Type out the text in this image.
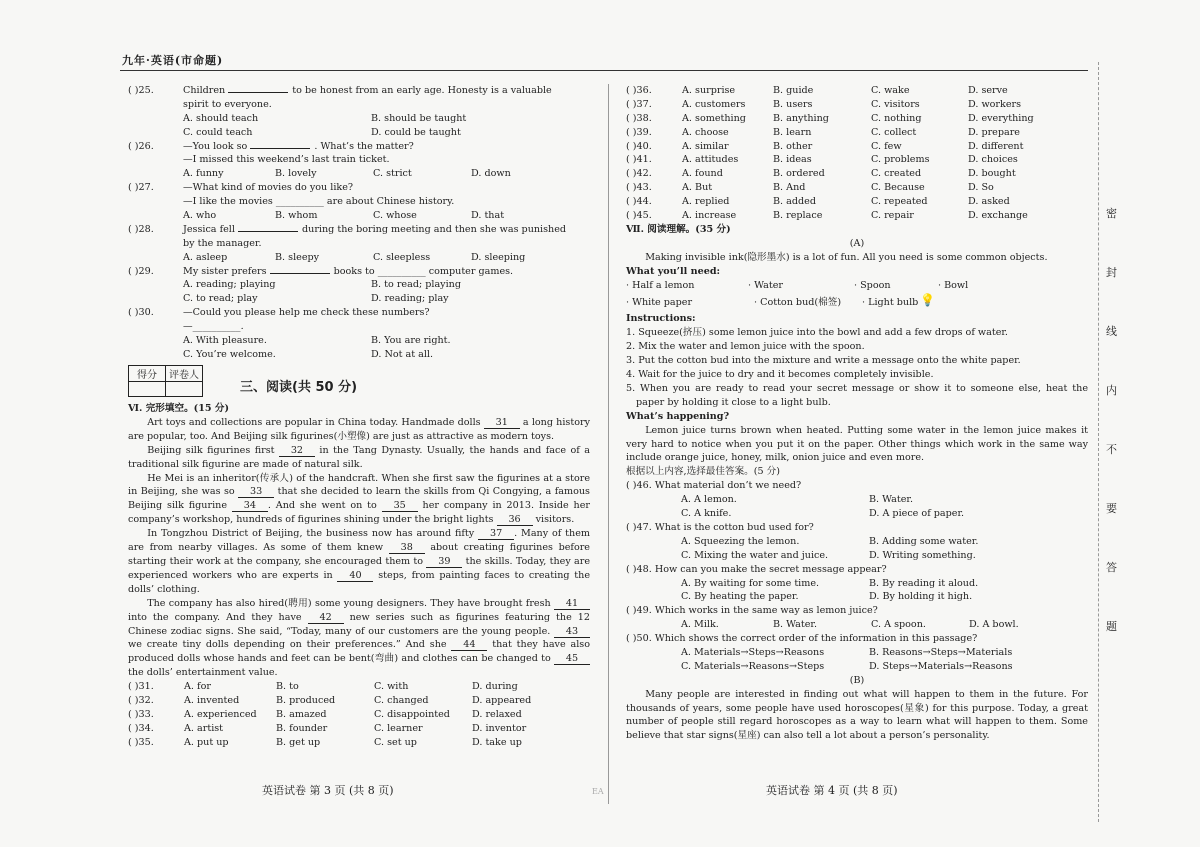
九年·英语(市命题)
密
封
线
内
不
要
答
题
( )25.	Children	to be honest from an early age. Honesty is a valuable
spirit to everyone.
A. should teach	B. should be taught
C. could teach	D. could be taught
( )26.	—You look so	. What’s the matter?
—I missed this weekend’s last train ticket.
A. funny	B. lovely	C. strict	D. down
( )27.	—What kind of movies do you like?
—I like the movies __________ are about Chinese history.
A. who	B. whom	C. whose	D. that
( )28.	Jessica fell	during the boring meeting and then she was punished
by the manager.
A. asleep	B. sleepy	C. sleepless	D. sleeping
( )29.	My sister prefers	books to __________ computer games.
A. reading; playing	B. to read; playing
C. to read; play	D. reading; play
( )30.	—Could you please help me check these numbers?
—__________.
A. With pleasure.	B. You are right.
C. You’re welcome.	D. Not at all.
得分	评卷人

三、阅读(共 50 分)
Ⅵ. 完形填空。(15 分)
Art toys and collections are popular in China today. Handmade dolls 31 a long history are popular, too. And Beijing silk figurines(小塑像) are just as attractive as modern toys.
Beijing silk figurines first 32 in the Tang Dynasty. Usually, the hands and face of a traditional silk figurine are made of natural silk.
He Mei is an inheritor(传承人) of the handcraft. When she first saw the figurines at a store in Beijing, she was so 33 that she decided to learn the skills from Qi Congying, a famous Beijing silk figurine 34 . And she went on to 35 her company in 2013. Inside her company’s workshop, hundreds of figurines shining under the bright lights 36 visitors.
In Tongzhou District of Beijing, the business now has around fifty 37 . Many of them are from nearby villages. As some of them knew 38 about creating figurines before starting their work at the company, she encouraged them to 39 the skills. Today, they are experienced workers who are experts in 40 steps, from painting faces to creating the dolls’ clothing.
The company has also hired(聘用) some young designers. They have brought fresh 41 into the company. And they have 42 new series such as figurines featuring the 12 Chinese zodiac signs. She said, “Today, many of our customers are the young people. 43 we create tiny dolls depending on their preferences.” And she 44 that they have also produced dolls whose hands and feet can be bent(弯曲) and clothes can be changed to 45 the dolls’ entertainment value.
( )31.	A. for	B. to	C. with	D. during
( )32.	A. invented	B. produced	C. changed	D. appeared
( )33.	A. experienced B. amazed	C. disappointed D. relaxed
( )34.	A. artist	B. founder	C. learner	D. inventor
( )35.	A. put up	B. get up	C. set up	D. take up
( )36.	A. surprise	B. guide	C. wake	D. serve
( )37.	A. customers	B. users	C. visitors	D. workers
( )38.	A. something	B. anything	C. nothing	D. everything
( )39.	A. choose	B. learn	C. collect	D. prepare
( )40.	A. similar	B. other	C. few	D. different
( )41.	A. attitudes	B. ideas	C. problems	D. choices
( )42.	A. found	B. ordered	C. created	D. bought
( )43.	A. But	B. And	C. Because	D. So
( )44.	A. replied	B. added	C. repeated	D. asked
( )45.	A. increase	B. replace	C. repair	D. exchange
Ⅶ. 阅读理解。(35 分)
(A)
Making invisible ink(隐形墨水) is a lot of fun. All you need is some common objects.
What you’ll need:
· Half a lemon	· Water	· Spoon	· Bowl
· White paper	· Cotton bud(棉签) · Light bulb 💡
Instructions:
1. Squeeze(挤压) some lemon juice into the bowl and add a few drops of water.
2. Mix the water and lemon juice with the spoon.
3. Put the cotton bud into the mixture and write a message onto the white paper.
4. Wait for the juice to dry and it becomes completely invisible.
5. When you are ready to read your secret message or show it to someone else, heat the
paper by holding it close to a light bulb.
What’s happening?
Lemon juice turns brown when heated. Putting some water in the lemon juice makes it very hard to notice when you put it on the paper. Other things which work in the same way include orange juice, honey, milk, onion juice and even more.
根据以上内容,选择最佳答案。(5 分)
( )46. What material don’t we need?
A. A lemon.	B. Water.
C. A knife.	D. A piece of paper.
( )47. What is the cotton bud used for?
A. Squeezing the lemon.	B. Adding some water.
C. Mixing the water and juice.	D. Writing something.
( )48. How can you make the secret message appear?
A. By waiting for some time.	B. By reading it aloud.
C. By heating the paper.	D. By holding it high.
( )49. Which works in the same way as lemon juice?
A. Milk.	B. Water.	C. A spoon.	D. A bowl.
( )50. Which shows the correct order of the information in this passage?
A. Materials→Steps→Reasons	B. Reasons→Steps→Materials
C. Materials→Reasons→Steps	D. Steps→Materials→Reasons
(B)
Many people are interested in finding out what will happen to them in the future. For thousands of years, some people have used horoscopes(星象) for this purpose. Today, a great number of people still regard horoscopes as a way to learn what will happen to them. Some believe that star signs(星座) can also tell a lot about a person’s personality.
英语试卷 第 3 页 (共 8 页)	EA	英语试卷 第 4 页 (共 8 页)
